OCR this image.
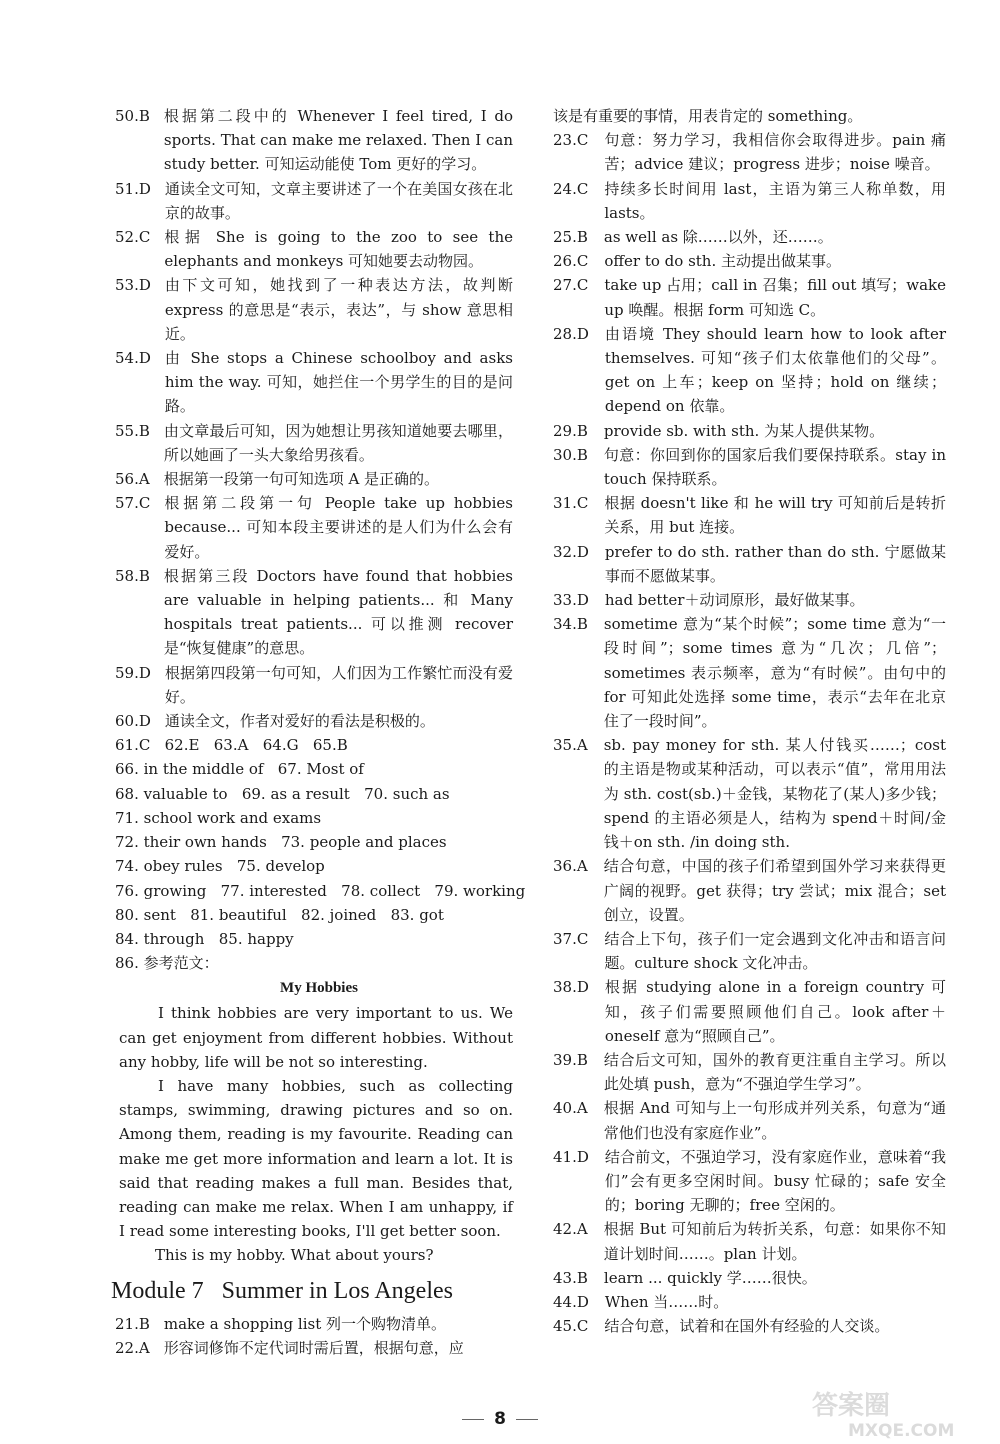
50.B 根据第二段中的 Whenever I feel tired, I do sports. That can make me relaxed. Then I can study better. 可知运动能使 Tom 更好的学习。
51.D 通读全文可知，文章主要讲述了一个在美国女孩在北京的故事。
52.C 根据 She is going to the zoo to see the elephants and monkeys 可知她要去动物园。
53.D 由下文可知，她找到了一种表达方法，故判断 express 的意思是“表示，表达”，与 show 意思相近。
54.D 由 She stops a Chinese schoolboy and asks him the way. 可知，她拦住一个男学生的目的是问路。
55.B 由文章最后可知，因为她想让男孩知道她要去哪里，所以她画了一头大象给男孩看。
56.A 根据第一段第一句可知选项 A 是正确的。
57.C 根据第二段第一句 People take up hobbies because... 可知本段主要讲述的是人们为什么会有爱好。
58.B 根据第三段 Doctors have found that hobbies are valuable in helping patients... 和 Many hospitals treat patients... 可以推测 recover 是“恢复健康”的意思。
59.D 根据第四段第一句可知，人们因为工作繁忙而没有爱好。
60.D 通读全文，作者对爱好的看法是积极的。
61.C   62.E   63.A   64.G   65.B
66. in the middle of   67. Most of
68. valuable to   69. as a result   70. such as
71. school work and exams
72. their own hands   73. people and places
74. obey rules   75. develop
76. growing   77. interested   78. collect   79. working
80. sent   81. beautiful   82. joined   83. got
84. through   85. happy
86. 参考范文：
My Hobbies
I think hobbies are very important to us. We can get enjoyment from different hobbies. Without any hobby, life will be not so interesting.
I have many hobbies, such as collecting stamps, swimming, drawing pictures and so on. Among them, reading is my favourite. Reading can make me get more information and learn a lot. It is said that reading makes a full man. Besides that, reading can make me relax. When I am unhappy, if I read some interesting books, I'll get better soon.
This is my hobby. What about yours?
Module 7   Summer in Los Angeles
21.B make a shopping list 列一个购物清单。
22.A 形容词修饰不定代词时需后置，根据句意，应
该是有重要的事情，用表肯定的 something。
23.C 句意：努力学习，我相信你会取得进步。pain 痛苦；advice 建议；progress 进步；noise 噪音。
24.C 持续多长时间用 last，主语为第三人称单数，用 lasts。
25.B as well as 除……以外，还……。
26.C offer to do sth. 主动提出做某事。
27.C take up 占用；call in 召集；fill out 填写；wake up 唤醒。根据 form 可知选 C。
28.D 由语境 They should learn how to look after themselves. 可知“孩子们太依靠他们的父母”。get on 上车；keep on 坚持；hold on 继续；depend on 依靠。
29.B provide sb. with sth. 为某人提供某物。
30.B 句意：你回到你的国家后我们要保持联系。stay in touch 保持联系。
31.C 根据 doesn't like 和 he will try 可知前后是转折关系，用 but 连接。
32.D prefer to do sth. rather than do sth. 宁愿做某事而不愿做某事。
33.D had better＋动词原形，最好做某事。
34.B sometime 意为“某个时候”；some time 意为“一段时间”；some times 意为“几次；几倍”；sometimes 表示频率，意为“有时候”。由句中的 for 可知此处选择 some time，表示“去年在北京住了一段时间”。
35.A sb. pay money for sth. 某人付钱买……；cost 的主语是物或某种活动，可以表示“值”，常用用法为 sth. cost(sb.)＋金钱，某物花了(某人)多少钱；spend 的主语必须是人，结构为 spend＋时间/金钱＋on sth. /in doing sth.
36.A 结合句意，中国的孩子们希望到国外学习来获得更广阔的视野。get 获得；try 尝试；mix 混合；set 创立，设置。
37.C 结合上下句，孩子们一定会遇到文化冲击和语言问题。culture shock 文化冲击。
38.D 根据 studying alone in a foreign country 可知，孩子们需要照顾他们自己。look after＋oneself 意为“照顾自己”。
39.B 结合后文可知，国外的教育更注重自主学习。所以此处填 push，意为“不强迫学生学习”。
40.A 根据 And 可知与上一句形成并列关系，句意为“通常他们也没有家庭作业”。
41.D 结合前文，不强迫学习，没有家庭作业，意味着“我们”会有更多空闲时间。busy 忙碌的；safe 安全的；boring 无聊的；free 空闲的。
42.A 根据 But 可知前后为转折关系，句意：如果你不知道计划时间……。plan 计划。
43.B learn ... quickly 学……很快。
44.D When 当……时。
45.C 结合句意，试着和在国外有经验的人交谈。
8	答案圈
MXQE.COM
